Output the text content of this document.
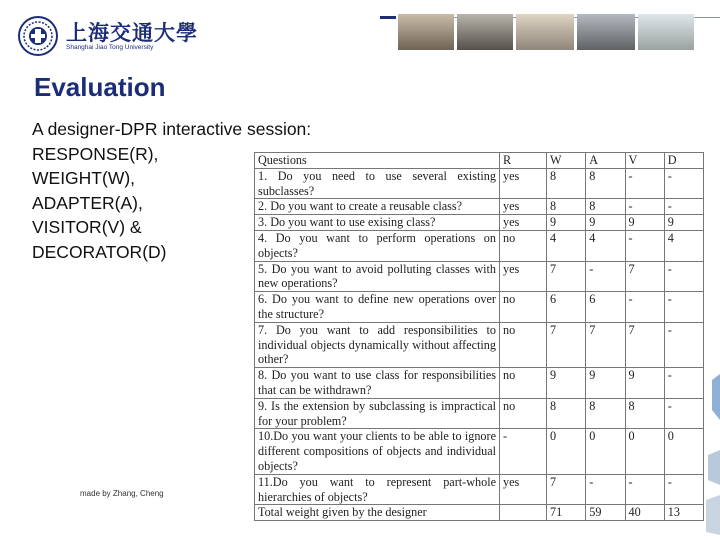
上海交通大學
Shanghai Jiao Tong University
Evaluation
A designer-DPR interactive session:
RESPONSE(R),
WEIGHT(W),
ADAPTER(A),
VISITOR(V) &
DECORATOR(D)
made by Zhang, Cheng
Questions	R	W	A	V	D
1. Do you need to use several existing subclasses?	yes	8	8	-	-
2. Do you want to create a reusable class?	yes	8	8	-	-
3. Do you want to use exising class?	yes	9	9	9	9
4. Do you want to perform operations on objects?	no	4	4	-	4
5. Do you want to avoid polluting classes with new operations?	yes	7	-	7	-
6. Do you want to define new operations over the structure?	no	6	6	-	-
7. Do you want to add responsibilities to individual objects dynamically without affecting other?	no	7	7	7	-
8. Do you want to use class for responsibilities that can be withdrawn?	no	9	9	9	-
9. Is the extension by subclassing is impractical for your problem?	no	8	8	8	-
10.Do you want your clients to be able to ignore different compositions of objects and individual objects?	-	0	0	0	0
11.Do you want to represent part-whole hierarchies of objects?	yes	7	-	-	-
Total weight given by the designer		71	59	40	13
